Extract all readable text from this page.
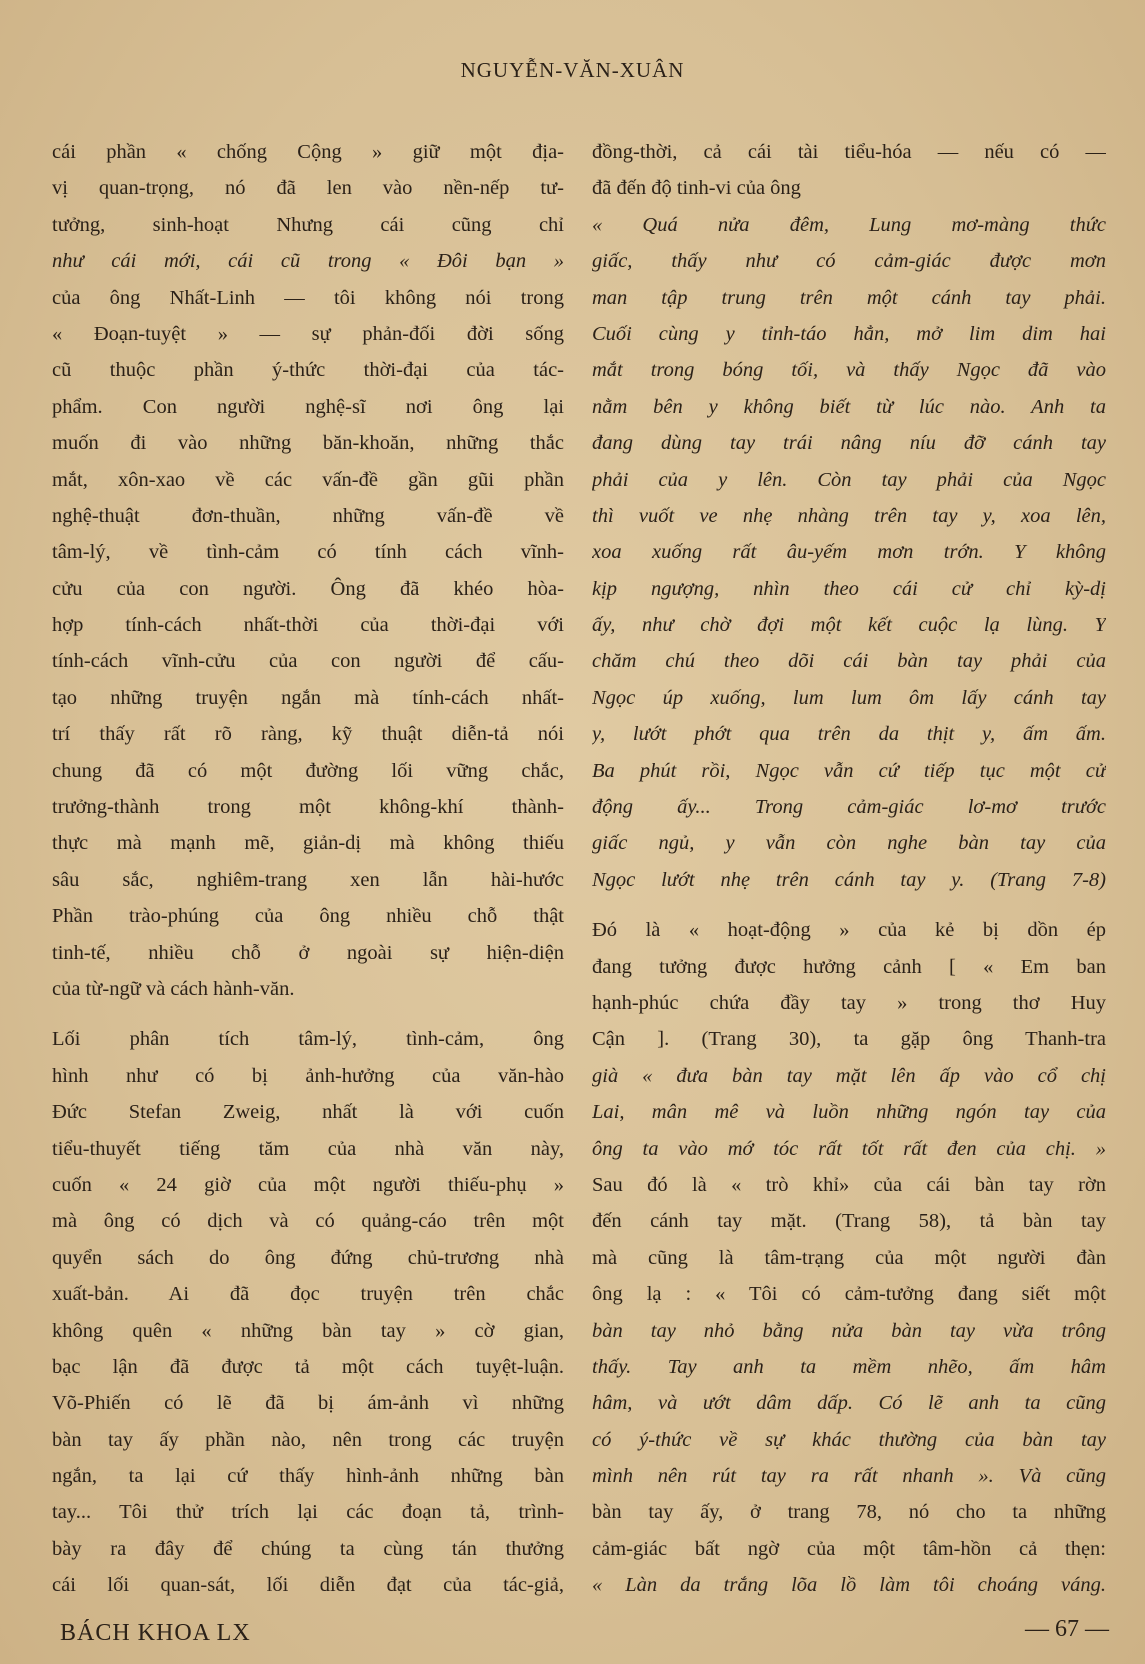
NGUYỄN-VĂN-XUÂN
cái phần « chống Cộng » giữ một địa-
vị quan-trọng, nó đã len vào nền-nếp tư-
tưởng, sinh-hoạt Nhưng cái cũng chỉ
như cái mới, cái cũ trong « Đôi bạn »
của ông Nhất-Linh — tôi không nói trong
« Đoạn-tuyệt » — sự phản-đối đời sống
cũ thuộc phần ý-thức thời-đại của tác-
phẩm. Con người nghệ-sĩ nơi ông lại
muốn đi vào những băn-khoăn, những thắc
mắt, xôn-xao về các vấn-đề gần gũi phần
nghệ-thuật đơn-thuần, những vấn-đề về
tâm-lý, về tình-cảm có tính cách vĩnh-
cửu của con người. Ông đã khéo hòa-
hợp tính-cách nhất-thời của thời-đại với
tính-cách vĩnh-cửu của con người để cấu-
tạo những truyện ngắn mà tính-cách nhất-
trí thấy rất rõ ràng, kỹ thuật diễn-tả nói
chung đã có một đường lối vững chắc,
trưởng-thành trong một không-khí thành-
thực mà mạnh mẽ, giản-dị mà không thiếu
sâu sắc, nghiêm-trang xen lẫn hài-hước
Phần trào-phúng của ông nhiều chỗ thật
tinh-tế, nhiều chỗ ở ngoài sự hiện-diện
của từ-ngữ và cách hành-văn.
Lối phân tích tâm-lý, tình-cảm, ông
hình như có bị ảnh-hưởng của văn-hào
Đức Stefan Zweig, nhất là với cuốn
tiểu-thuyết tiếng tăm của nhà văn này,
cuốn « 24 giờ của một người thiếu-phụ »
mà ông có dịch và có quảng-cáo trên một
quyển sách do ông đứng chủ-trương nhà
xuất-bản. Ai đã đọc truyện trên chắc
không quên « những bàn tay » cờ gian,
bạc lận đã được tả một cách tuyệt-luận.
Võ-Phiến có lẽ đã bị ám-ảnh vì những
bàn tay ấy phần nào, nên trong các truyện
ngắn, ta lại cứ thấy hình-ảnh những bàn
tay... Tôi thử trích lại các đoạn tả, trình-
bày ra đây để chúng ta cùng tán thưởng
cái lối quan-sát, lối diễn đạt của tác-giả,
đồng-thời, cả cái tài tiểu-hóa — nếu có —
đã đến độ tinh-vi của ông
« Quá nửa đêm, Lung mơ-màng thức
giấc, thấy như có cảm-giác được mơn
man tập trung trên một cánh tay phải.
Cuối cùng y tỉnh-táo hẳn, mở lim dim hai
mắt trong bóng tối, và thấy Ngọc đã vào
nằm bên y không biết từ lúc nào. Anh ta
đang dùng tay trái nâng níu đỡ cánh tay
phải của y lên. Còn tay phải của Ngọc
thì vuốt ve nhẹ nhàng trên tay y, xoa lên,
xoa xuống rất âu-yếm mơn trớn. Y không
kịp ngượng, nhìn theo cái cử chỉ kỳ-dị
ấy, như chờ đợi một kết cuộc lạ lùng. Y
chăm chú theo dõi cái bàn tay phải của
Ngọc úp xuống, lum lum ôm lấy cánh tay
y, lướt phớt qua trên da thịt y, ấm ấm.
Ba phút rồi, Ngọc vẫn cứ tiếp tục một cử
động ấy... Trong cảm-giác lơ-mơ trước
giấc ngủ, y vẫn còn nghe bàn tay của
Ngọc lướt nhẹ trên cánh tay y. (Trang 7-8)
Đó là « hoạt-động » của kẻ bị dồn ép
đang tưởng được hưởng cảnh [ « Em ban
hạnh-phúc chứa đầy tay » trong thơ Huy
Cận ]. (Trang 30), ta gặp ông Thanh-tra
già « đưa bàn tay mặt lên ấp vào cổ chị
Lai, mân mê và luồn những ngón tay của
ông ta vào mớ tóc rất tốt rất đen của chị. »
Sau đó là « trò khỉ» của cái bàn tay rờn
đến cánh tay mặt. (Trang 58), tả bàn tay
mà cũng là tâm-trạng của một người đàn
ông lạ : « Tôi có cảm-tưởng đang siết một
bàn tay nhỏ bằng nửa bàn tay vừa trông
thấy. Tay anh ta mềm nhẽo, ấm hâm
hâm, và ướt dâm dấp. Có lẽ anh ta cũng
có ý-thức về sự khác thường của bàn tay
mình nên rút tay ra rất nhanh ». Và cũng
bàn tay ấy, ở trang 78, nó cho ta những
cảm-giác bất ngờ của một tâm-hồn cả thẹn:
« Làn da trắng lõa lồ làm tôi choáng váng.
BÁCH KHOA LX	— 67 —
